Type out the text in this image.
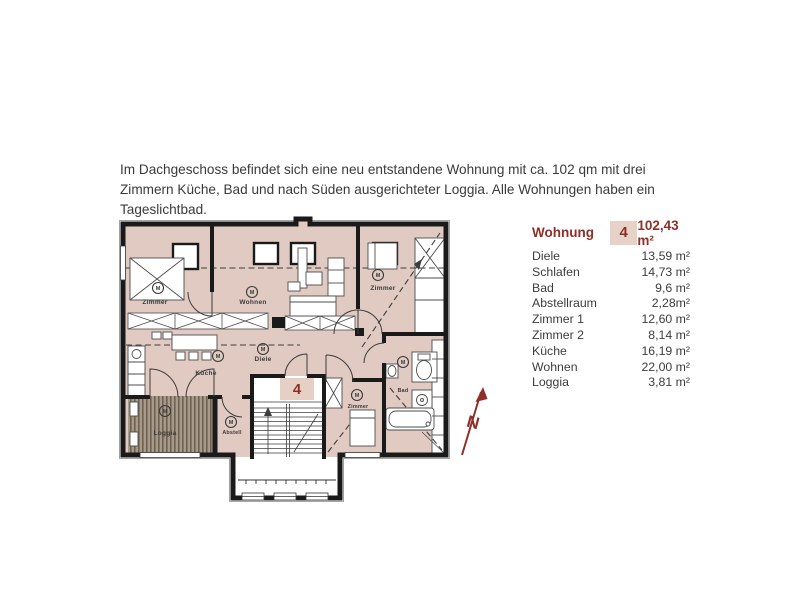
Im Dachgeschoss befindet sich eine neu entstandene Wohnung mit ca. 102 qm mit drei Zimmern Küche, Bad und nach Süden ausgerichteter Loggia. Alle Wohnungen haben ein Tageslichtbad.

4
M
M
M
M
M
M
M
M
M
Zimmer	Wohnen
Zimmer
Küche
Diele
Loggia	Abstell
Zimmer
Bad
N
Wohnung	4 102,43 m²
Diele	13,59 m²
Schlafen	14,73 m²
Bad	9,6 m²
Abstellraum	2,28m²
Zimmer 1	12,60 m²
Zimmer 2	8,14 m²
Küche	16,19 m²
Wohnen	22,00 m²
Loggia	3,81 m²
